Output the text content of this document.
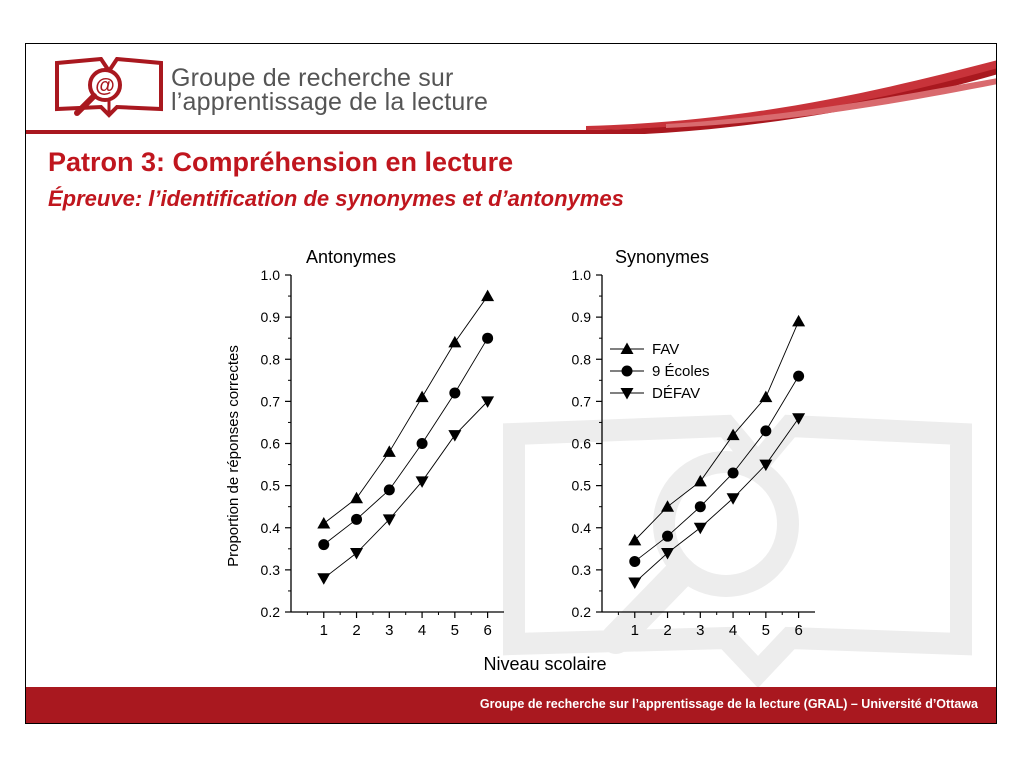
@ Groupe de recherche sur
l’apprentissage de la lecture
Patron 3: Compréhension en lecture
Épreuve: l’identification de synonymes et d’antonymes
Antonymes
0.2
0.3
0.4
0.5
0.6
0.7
0.8
0.9
1.0
1 2 3 4 5 6
Synonymes
0.2
0.3
0.4
0.5
0.6
0.7
0.8
0.9
1.0
1 2 3 4 5 6
FAV
9 Écoles
DÉFAV
Proportion de réponses correctes
Niveau scolaire
Groupe de recherche sur l’apprentissage de la lecture (GRAL) – Université d’Ottawa
